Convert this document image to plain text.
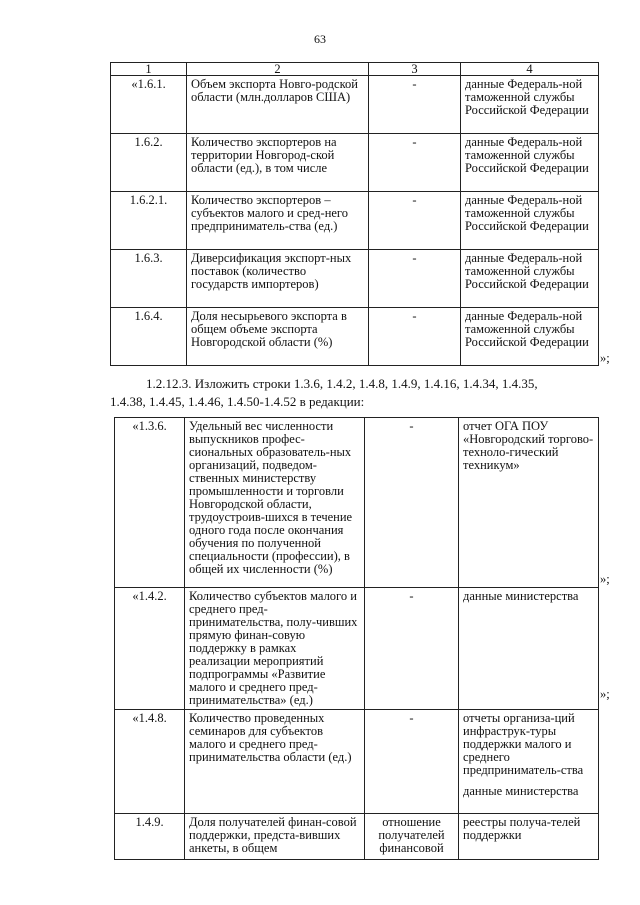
63
1	2	3	4
«1.6.1.	Объем экспорта Новго-родской области (млн.долларов США)	-	данные Федераль-ной таможенной службы Российской Федерации
1.6.2.	Количество экспортеров на территории Новгород-ской области (ед.), в том числе	-	данные Федераль-ной таможенной службы Российской Федерации
1.6.2.1.	Количество экспортеров – субъектов малого и сред-него предприниматель-ства (ед.)	-	данные Федераль-ной таможенной службы Российской Федерации
1.6.3.	Диверсификация экспорт-ных поставок (количество государств импортеров)	-	данные Федераль-ной таможенной службы Российской Федерации
1.6.4.	Доля несырьевого экспорта в общем объеме экспорта Новгородской области (%)	-	данные Федераль-ной таможенной службы Российской Федерации
»;
1.2.12.3. Изложить строки 1.3.6, 1.4.2, 1.4.8, 1.4.9, 1.4.16, 1.4.34, 1.4.35,
1.4.38, 1.4.45, 1.4.46, 1.4.50-1.4.52 в редакции:
«1.3.6.	Удельный вес численности выпускников профес-сиональных образователь-ных организаций, подведом-ственных министерству промышленности и торговли Новгородской области, трудоустроив-шихся в течение одного года после окончания обучения по полученной специальности (профессии), в общей их численности (%)	-	отчет ОГА ПОУ «Новгородский торгово-техноло-гический техникум»
«1.4.2.	Количество субъектов малого и среднего пред-принимательства, полу-чивших прямую финан-совую поддержку в рамках реализации мероприятий подпрограммы «Развитие малого и среднего пред-принимательства» (ед.)	-	данные министерства
«1.4.8.	Количество проведенных семинаров для субъектов малого и среднего пред-принимательства области (ед.)	-	отчеты организа-ций инфраструк-туры поддержки малого и среднего предприниматель-ства
данные министерства

1.4.9.	Доля получателей финан-совой поддержки, предста-вивших анкеты, в общем	отношение получателей финансовой	реестры получа-телей поддержки
»;
»;
